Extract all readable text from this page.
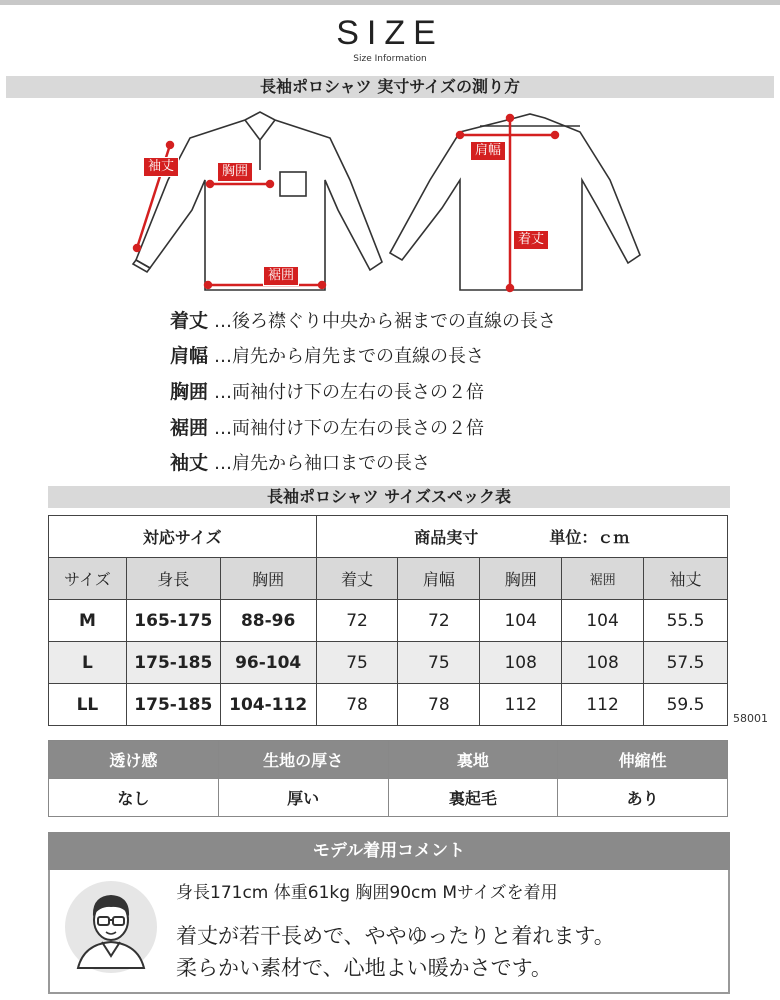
SIZE
Size Information
長袖ポロシャツ 実寸サイズの測り方
袖丈	胸囲
裾囲
肩幅
着丈
着丈 …後ろ襟ぐり中央から裾までの直線の長さ
肩幅 …肩先から肩先までの直線の長さ
胸囲 …両袖付け下の左右の長さの２倍
裾囲 …両袖付け下の左右の長さの２倍
袖丈 …肩先から袖口までの長さ
長袖ポロシャツ サイズスペック表
対応サイズ			商品実寸 単位：ｃｍ				
サイズ	身長	胸囲	着丈	肩幅	胸囲	裾囲	袖丈
M	165-175	88-96	72	72	104	104	55.5
L	175-185	96-104	75	75	108	108	57.5
LL	175-185	104-112	78	78	112	112	59.5
58001
透け感	生地の厚さ	裏地	伸縮性
なし	厚い	裏起毛	あり
モデル着用コメント
身長171cm 体重61kg 胸囲90cm Mサイズを着用
着丈が若干長めで、ややゆったりと着れます。
柔らかい素材で、心地よい暖かさです。
